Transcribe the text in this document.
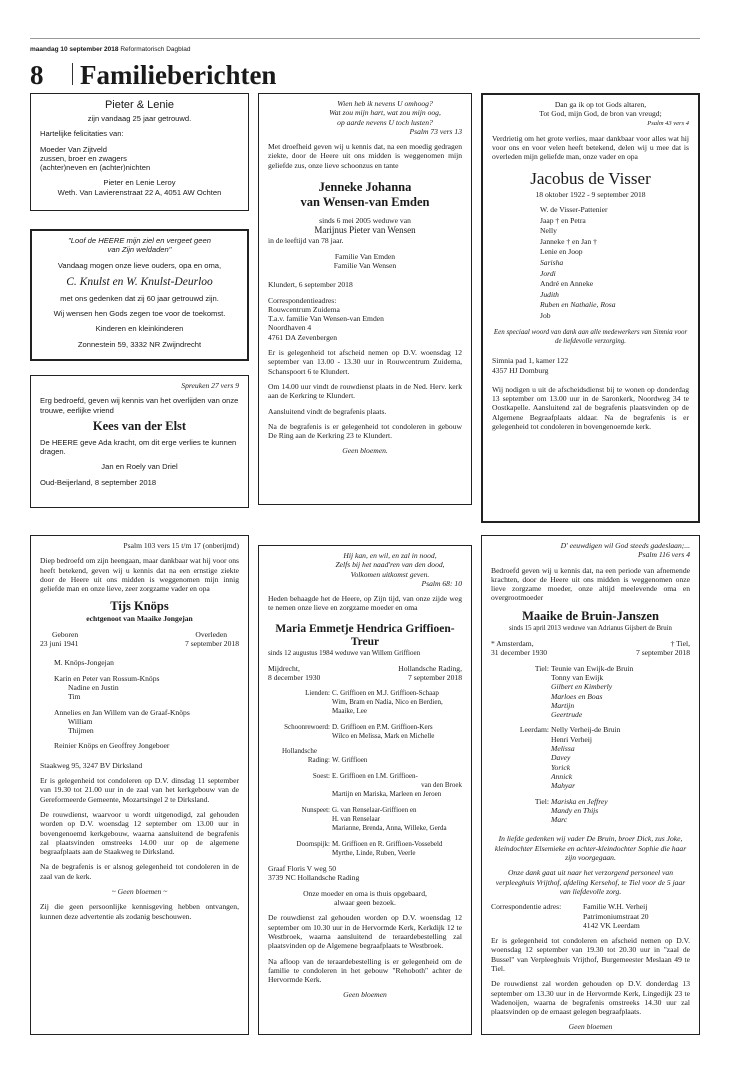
maandag 10 september 2018 Reformatorisch Dagblad
8 Familieberichten

Pieter & Lenie

zijn vandaag 25 jaar getrouwd.

Hartelijke felicitaties van:

Moeder Van Zijtveld

zussen, broer en zwagers

(achter)neven en (achter)nichten

Pieter en Lenie Leroy

Weth. Van Lavierenstraat 22 A, 4051 AW Ochten

"Loof de HEERE mijn ziel en vergeet geen van Zijn weldaden"

Vandaag mogen onze lieve ouders, opa en oma,

C. Knulst en W. Knulst-Deurloo

met ons gedenken dat zij 60 jaar getrouwd zijn.

Wij wensen hen Gods zegen toe voor de toekomst.

Kinderen en kleinkinderen

Zonnestein 59, 3332 NR Zwijndrecht

Spreuken 27 vers 9

Erg bedroefd, geven wij kennis van het overlijden van onze trouwe, eerlijke vriend

Kees van der Elst

De HEERE geve Ada kracht, om dit erge verlies te kunnen dragen.

Jan en Roely van Driel

Oud-Beijerland, 8 september 2018

Wien heb ik nevens U omhoog?

Wat zou mijn hart, wat zou mijn oog,

op aarde nevens U toch lusten?

Psalm 73 vers 13

Met droefheid geven wij u kennis dat, na een moedig gedragen ziekte, door de Heere uit ons midden is weggenomen mijn geliefde zus, onze lieve schoonzus en tante

Jenneke Johanna

van Wensen-van Emden

sinds 6 mei 2005 weduwe van

Marijnus Pieter van Wensen

in de leeftijd van 78 jaar.

Familie Van Emden

Familie Van Wensen

Klundert, 6 september 2018

Correspondentieadres:

Rouwcentrum Zuidema

T.a.v. familie Van Wensen-van Emden

Noordhaven 4

4761 DA Zevenbergen

Er is gelegenheid tot afscheid nemen op D.V. woensdag 12 september van 13.00 - 13.30 uur in Rouwcentrum Zuidema, Schanspoort 6 te Klundert.

Om 14.00 uur vindt de rouwdienst plaats in de Ned. Herv. kerk aan de Kerkring te Klundert.

Aansluitend vindt de begrafenis plaats.

Na de begrafenis is er gelegenheid tot condoleren in gebouw De Ring aan de Kerkring 23 te Klundert.

Geen bloemen.

Dan ga ik op tot Gods altaren,

Tot God, mijn God, de bron van vreugd;

Psalm 43 vers 4

Verdrietig om het grote verlies, maar dankbaar voor alles wat hij voor ons en voor velen heeft betekend, delen wij u mee dat is overleden mijn geliefde man, onze vader en opa

Jacobus de Visser

18 oktober 1922 - 9 september 2018

W. de Visser-Pattenier

Jaap † en Petra

Nelly

Janneke † en Jan †

Lenie en Joop

Sarisha

Jordi

André en Anneke

Judith

Ruben en Nathalie, Rosa

Job

Een speciaal woord van dank aan alle medewerkers van Simnia voor de liefdevolle verzorging.

Simnia pad 1, kamer 122

4357 HJ Domburg

Wij nodigen u uit de afscheidsdienst bij te wonen op donderdag 13 september om 13.00 uur in de Saronkerk, Noordweg 34 te Oostkapelle. Aansluitend zal de begrafenis plaatsvinden op de Algemene Begraafplaats aldaar. Na de begrafenis is er gelegenheid tot condoleren in bovengenoemde kerk.

Psalm 103 vers 15 t/m 17 (onberijmd)

Diep bedroefd om zijn heengaan, maar dankbaar wat hij voor ons heeft betekend, geven wij u kennis dat na een ernstige ziekte door de Heere uit ons midden is weggenomen mijn innig geliefde man en onze lieve, zeer zorgzame vader en opa

Tijs Knöps

echtgenoot van Maaike Jongejan

Geboren

23 juni 1941

Overleden

7 september 2018

M. Knöps-Jongejan

Karin en Peter van Rossum-Knöps

Nadine en Justin

Tim

Annelies en Jan Willem van de Graaf-Knöps

William

Thijmen

Reinier Knöps en Geoffrey Jongeboer

Staakweg 95, 3247 BV Dirksland

Er is gelegenheid tot condoleren op D.V. dinsdag 11 september van 19.30 tot 21.00 uur in de zaal van het kerkgebouw van de Gereformeerde Gemeente, Mozartsingel 2 te Dirksland.

De rouwdienst, waarvoor u wordt uitgenodigd, zal gehouden worden op D.V. woensdag 12 september om 13.00 uur in bovengenoemd kerkgebouw, waarna aansluitend de begrafenis zal plaatsvinden omstreeks 14.00 uur op de algemene begraafplaats aan de Staakweg te Dirksland.

Na de begrafenis is er alsnog gelegenheid tot condoleren in de zaal van de kerk.

~ Geen bloemen ~

Zij die geen persoonlijke kennisgeving hebben ontvangen, kunnen deze advertentie als zodanig beschouwen.

Hij kan, en wil, en zal in nood,

Zelfs bij het naad'ren van den dood,

Volkomen uitkomst geven.

Psalm 68: 10

Heden behaagde het de Heere, op Zijn tijd, van onze zijde weg te nemen onze lieve en zorgzame moeder en oma

Maria Emmetje Hendrica Griffioen-Treur

sinds 12 augustus 1984 weduwe van Willem Griffioen

Mijdrecht,

8 december 1930

Hollandsche Rading,

7 september 2018

Lienden: C. Griffioen en M.J. Griffioen-Schaap

Wim, Bram en Nadia, Nico en Berdien,

Maaike, Lee

Schoonrewoerd: D. Griffioen en P.M. Griffioen-Kers

Wilco en Melissa, Mark en Michelle

Hollandsche

Rading:

W. Griffioen

Soest: E. Griffioen en I.M. Griffioen-

van den Broek

Martijn en Mariska, Marleen en Jeroen

Nunspeet: G. van Renselaar-Griffioen en

H. van Renselaar

Marianne, Brenda, Anna, Willeke, Gerda

Doornspijk: M. Griffioen en R. Griffioen-Vossebeld

Myrthe, Linde, Ruben, Veerle

Graaf Floris V weg 50

3739 NC Hollandsche Rading

Onze moeder en oma is thuis opgebaard,

alwaar geen bezoek.

De rouwdienst zal gehouden worden op D.V. woensdag 12 september om 10.30 uur in de Hervormde Kerk, Kerkdijk 12 te Westbroek, waarna aansluitend de teraardebestelling zal plaatsvinden op de Algemene begraafplaats te Westbroek.

Na afloop van de teraardebestelling is er gelegenheid om de familie te condoleren in het gebouw "Rehoboth" achter de Hervormde Kerk.

Geen bloemen

D' eeuwdigen wil God steeds gadeslaan;...

Psalm 116 vers 4

Bedroefd geven wij u kennis dat, na een periode van afnemende krachten, door de Heere uit ons midden is weggenomen onze lieve zorgzame moeder, onze altijd meelevende oma en overgrootmoeder

Maaike de Bruin-Janszen

sinds 15 april 2013 weduwe van Adrianus Gijsbert de Bruin

* Amsterdam,

31 december 1930

† Tiel,

7 september 2018

Tiel: Teunie van Ewijk-de Bruin

Tonny van Ewijk

Gilbert en Kimberly

Marloes en Boas

Martijn

Geertrude

Leerdam: Nelly Verheij-de Bruin

Henri Verheij

Melissa

Davey

Yorick

Annick

Mahyar

Tiel: Mariska en Jeffrey

Mandy en Thijs

Marc

In liefde gedenken wij vader De Bruin, broer Dick, zus Joke, kleindochter Elsemieke en achter-kleindochter Sophie die haar zijn voorgegaan.

Onze dank gaat uit naar het verzorgend personeel van verpleeghuis Vrijthof, afdeling Kersehof, te Tiel voor de 5 jaar van liefdevolle zorg.

Correspondentie adres:	Familie W.H. Verheij

Patrimoniumstraat 20

4142 VK Leerdam

Er is gelegenheid tot condoleren en afscheid nemen op D.V. woensdag 12 september van 19.30 tot 20.30 uur in "zaal de Bussel" van Verpleeghuis Vrijthof, Burgemeester Meslaan 49 te Tiel.

De rouwdienst zal worden gehouden op D.V. donderdag 13 september om 13.30 uur in de Hervormde Kerk, Lingedijk 23 te Wadenoijen, waarna de begrafenis omstreeks 14.30 uur zal plaatsvinden op de ernaast gelegen begraafplaats.

Geen bloemen
